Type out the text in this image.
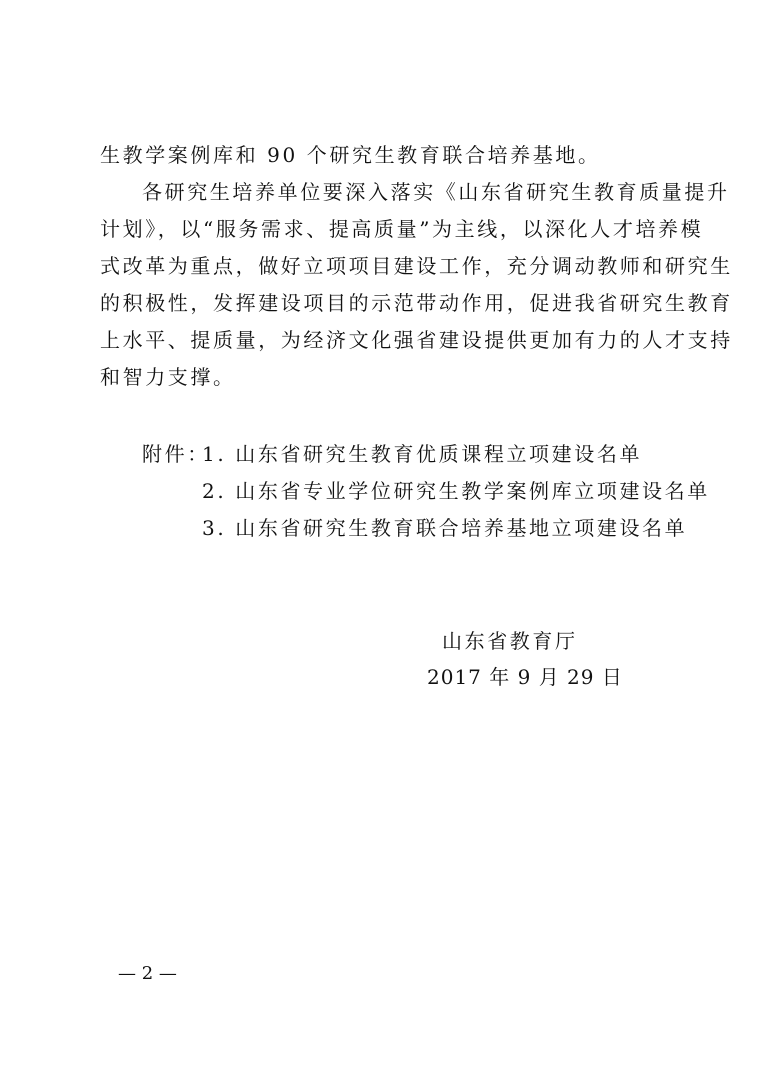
生教学案例库和 90 个研究生教育联合培养基地。
各研究生培养单位要深入落实《山东省研究生教育质量提升
计划》，以“服务需求、提高质量”为主线，以深化人才培养模
式改革为重点，做好立项项目建设工作，充分调动教师和研究生
的积极性，发挥建设项目的示范带动作用，促进我省研究生教育
上水平、提质量，为经济文化强省建设提供更加有力的人才支持
和智力支撑。
附件：
1. 山东省研究生教育优质课程立项建设名单
2. 山东省专业学位研究生教学案例库立项建设名单
3. 山东省研究生教育联合培养基地立项建设名单
山东省教育厅
2017 年 9 月 29 日
— 2 —
